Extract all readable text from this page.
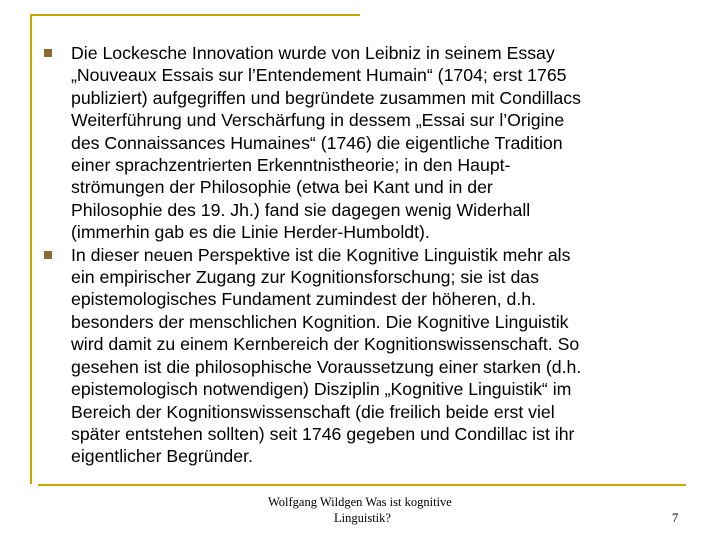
Die Lockesche Innovation wurde von Leibniz in seinem Essay
„Nouveaux Essais sur l’Entendement Humain“ (1704; erst 1765
publiziert) aufgegriffen und begründete zusammen mit Condillacs
Weiterführung und Verschärfung in dessem „Essai sur l’Origine
des Connaissances Humaines“ (1746) die eigentliche Tradition
einer sprachzentrierten Erkenntnistheorie; in den Haupt-
strömungen der Philosophie (etwa bei Kant und in der
Philosophie des 19. Jh.) fand sie dagegen wenig Widerhall
(immerhin gab es die Linie Herder-Humboldt).
In dieser neuen Perspektive ist die Kognitive Linguistik mehr als
ein empirischer Zugang zur Kognitionsforschung; sie ist das
epistemologisches Fundament zumindest der höheren, d.h.
besonders der menschlichen Kognition. Die Kognitive Linguistik
wird damit zu einem Kernbereich der Kognitionswissenschaft. So
gesehen ist die philosophische Voraussetzung einer starken (d.h.
epistemologisch notwendigen) Disziplin „Kognitive Linguistik“ im
Bereich der Kognitionswissenschaft (die freilich beide erst viel
später entstehen sollten) seit 1746 gegeben und Condillac ist ihr
eigentlicher Begründer.
Wolfgang Wildgen Was ist kognitive
Linguistik?	7
